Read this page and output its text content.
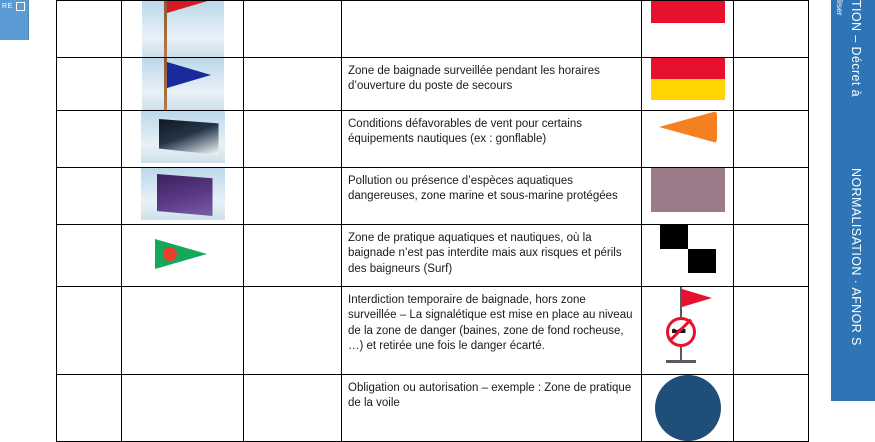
RE	TION – Décret à
liser
NORMALISATION · AFNOR S

			Zone de baignade surveillée pendant les horaires d’ouverture du poste de secours		

			Conditions défavorables de vent pour certains équipements nautiques (ex : gonflable)		

			Pollution ou présence d’espèces aquatiques dangereuses, zone marine et sous-marine protégées		

			Zone de pratique aquatiques et nautiques, où la baignade n’est pas interdite mais aux risques et périls des baigneurs (Surf)		

			Interdiction temporaire de baignade, hors zone surveillée – La signalétique est mise en place au niveau de la zone de danger (baines, zone de fond rocheuse, …) et retirée une fois le danger écarté.		

			Obligation ou autorisation – exemple : Zone de pratique de la voile		
